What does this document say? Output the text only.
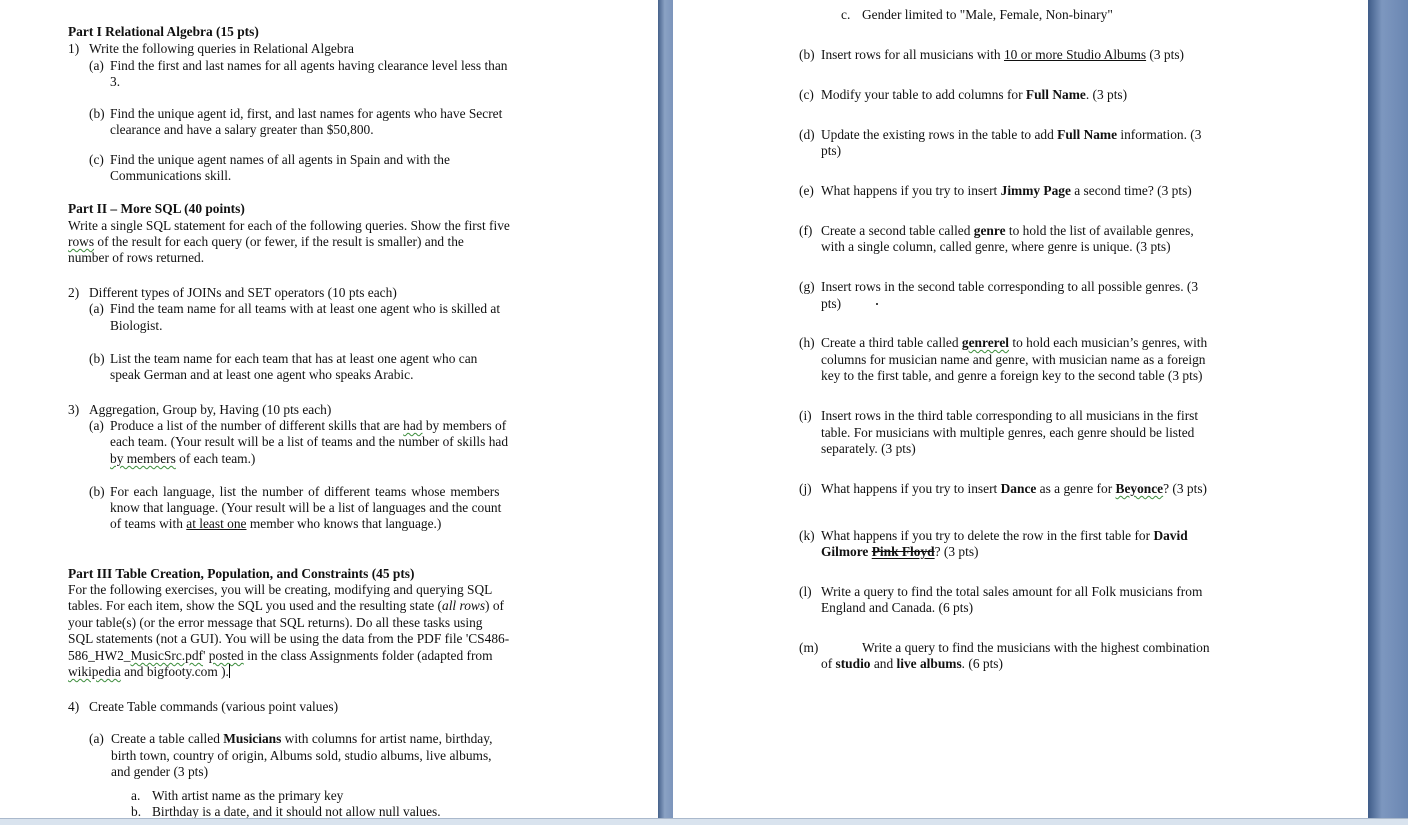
Part I Relational Algebra (15 pts)
1) Write the following queries in Relational Algebra
(a) Find the first and last names for all agents having clearance level less than
3.
(b) Find the unique agent id, first, and last names for agents who have Secret
clearance and have a salary greater than $50,800.
(c) Find the unique agent names of all agents in Spain and with the
Communications skill.
Part II – More SQL (40 points)
Write a single SQL statement for each of the following queries. Show the first five
rows of the result for each query (or fewer, if the result is smaller) and the
number of rows returned.
2) Different types of JOINs and SET operators (10 pts each)
(a) Find the team name for all teams with at least one agent who is skilled at
Biologist.
(b) List the team name for each team that has at least one agent who can
speak German and at least one agent who speaks Arabic.
3) Aggregation, Group by, Having (10 pts each)
(a) Produce a list of the number of different skills that are had by members of
each team. (Your result will be a list of teams and the number of skills had
by members of each team.)
(b) For each language, list the number of different teams whose members
know that language. (Your result will be a list of languages and the count
of teams with at least one member who knows that language.)
Part III Table Creation, Population, and Constraints (45 pts)
For the following exercises, you will be creating, modifying and querying SQL
tables. For each item, show the SQL you used and the resulting state (all rows) of
your table(s) (or the error message that SQL returns). Do all these tasks using
SQL statements (not a GUI). You will be using the data from the PDF file 'CS486-
586_HW2_MusicSrc.pdf' posted in the class Assignments folder (adapted from
wikipedia and bigfooty.com ).
4) Create Table commands (various point values)
(a) Create a table called Musicians with columns for artist name, birthday,
birth town, country of origin, Albums sold, studio albums, live albums,
and gender (3 pts)
a. With artist name as the primary key
b. Birthday is a date, and it should not allow null values.
c. Gender limited to "Male, Female, Non-binary"
(b) Insert rows for all musicians with 10 or more Studio Albums (3 pts)
(c) Modify your table to add columns for Full Name. (3 pts)
(d) Update the existing rows in the table to add Full Name information. (3
pts)
(e) What happens if you try to insert Jimmy Page a second time? (3 pts)
(f) Create a second table called genre to hold the list of available genres,
with a single column, called genre, where genre is unique. (3 pts)
(g) Insert rows in the second table corresponding to all possible genres. (3
pts)
(h) Create a third table called genrerel to hold each musician’s genres, with
columns for musician name and genre, with musician name as a foreign
key to the first table, and genre a foreign key to the second table (3 pts)
(i) Insert rows in the third table corresponding to all musicians in the first
table. For musicians with multiple genres, each genre should be listed
separately. (3 pts)
(j) What happens if you try to insert Dance as a genre for Beyonce? (3 pts)
(k) What happens if you try to delete the row in the first table for David
Gilmore Pink Floyd? (3 pts)
(l) Write a query to find the total sales amount for all Folk musicians from
England and Canada. (6 pts)
(m)	Write a query to find the musicians with the highest combination
of studio and live albums. (6 pts)
